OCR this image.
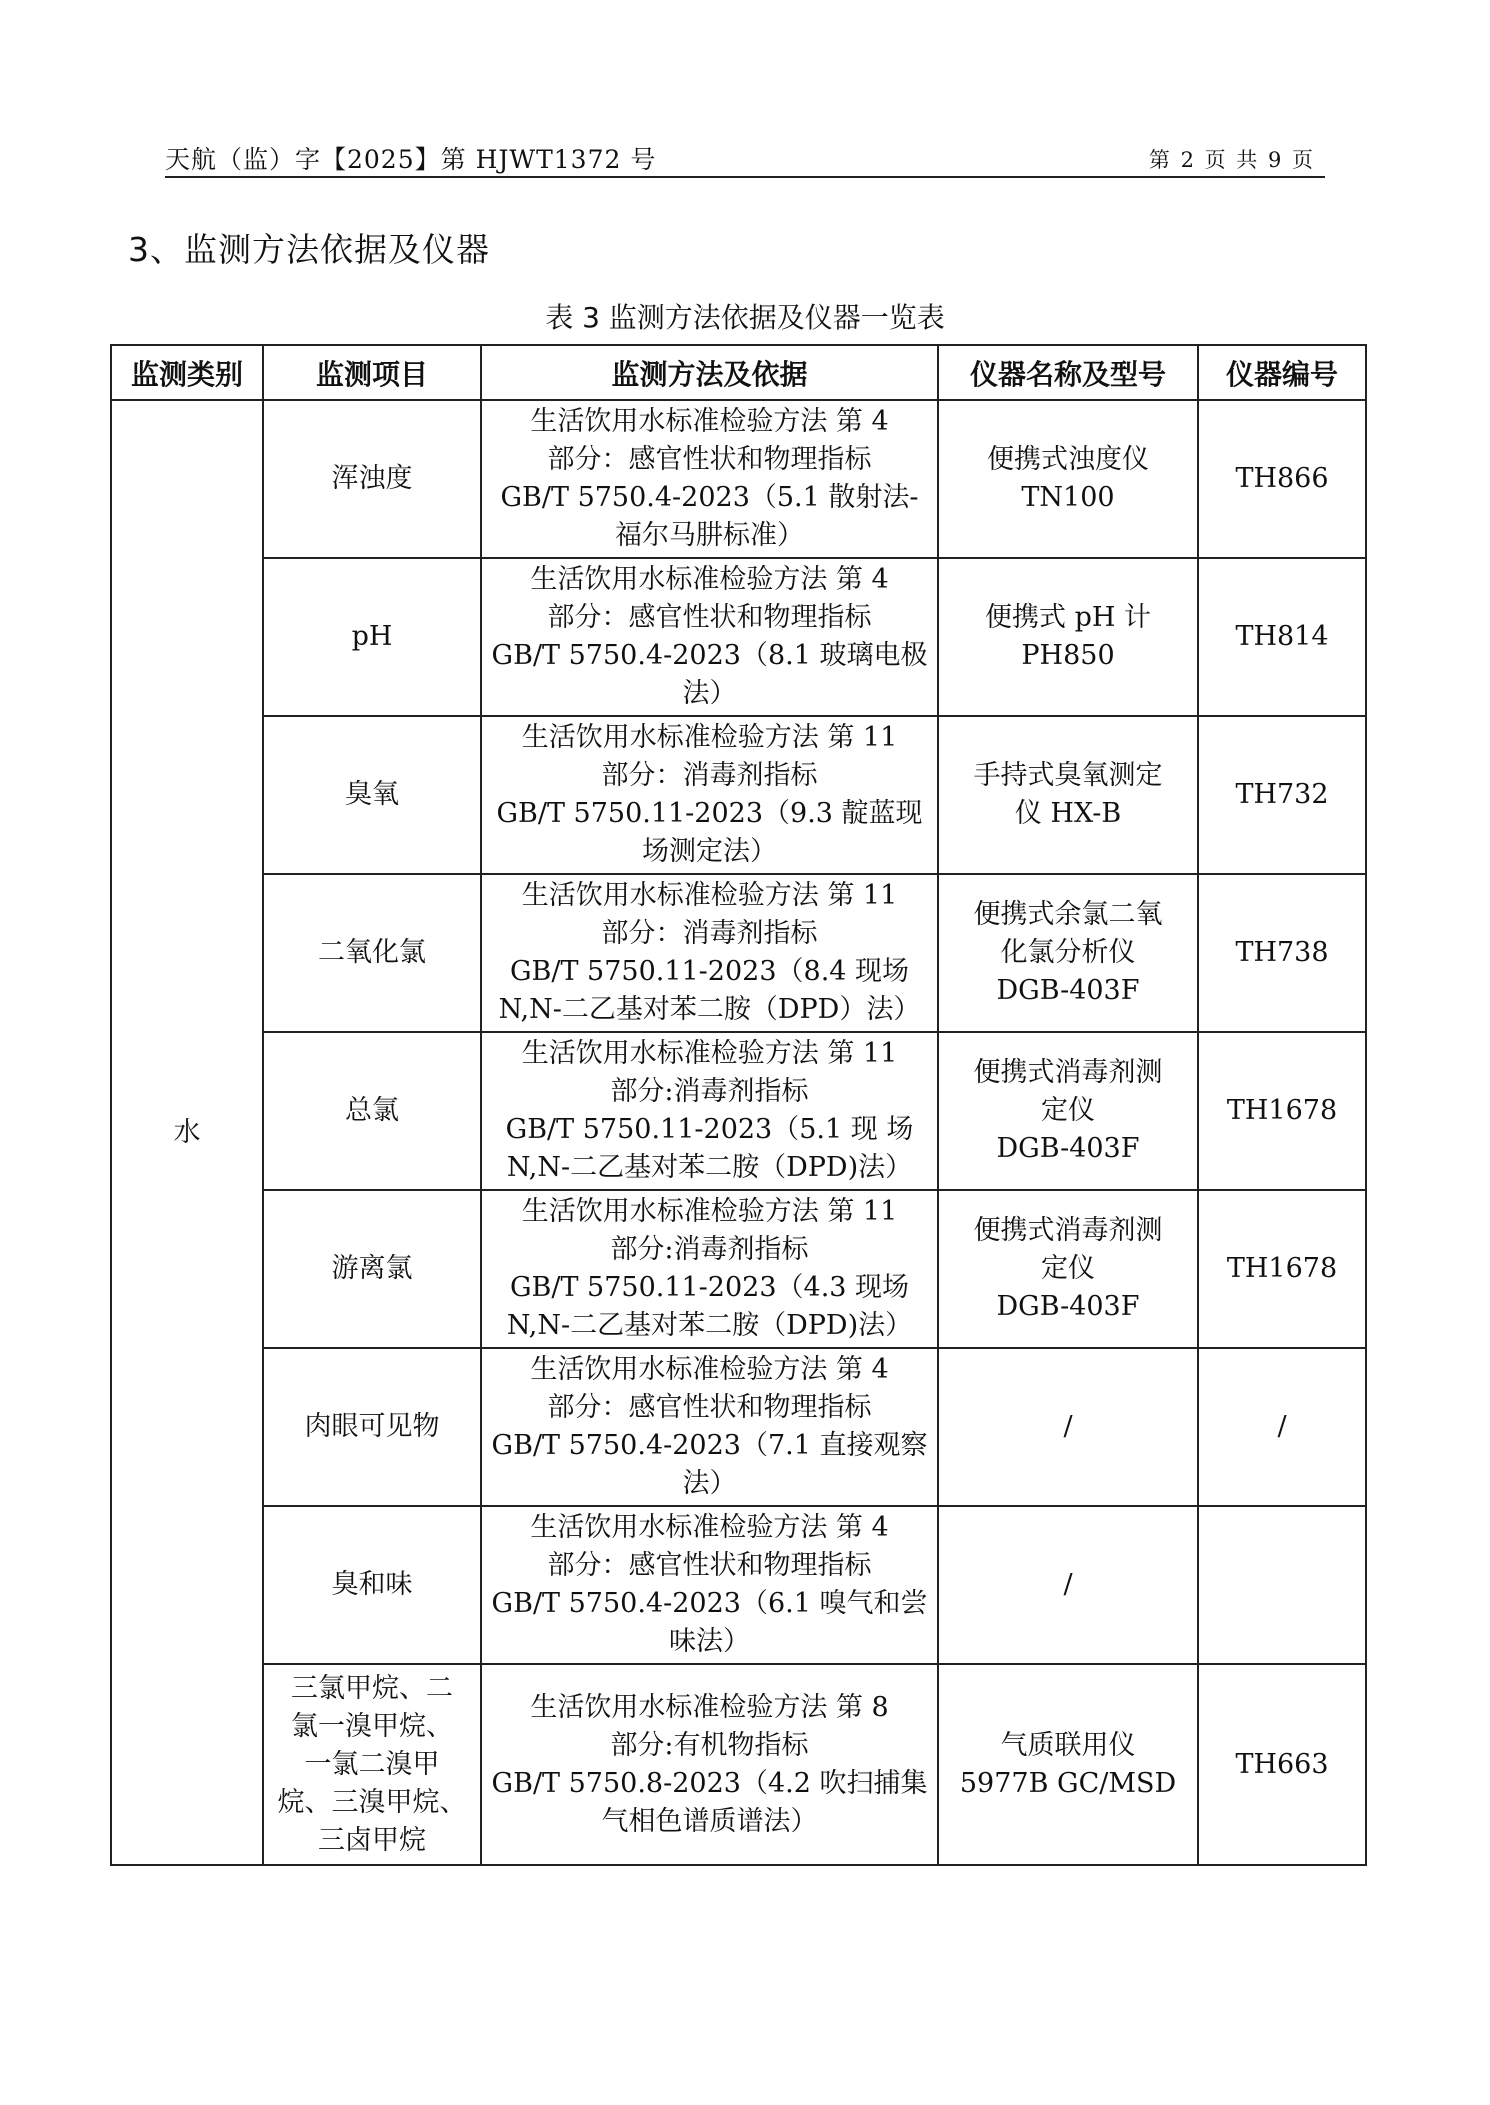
天航（监）字【2025】第 HJWT1372 号	第 2 页 共 9 页
3、监测方法依据及仪器
表 3 监测方法依据及仪器一览表
监测类别	监测项目	监测方法及依据	仪器名称及型号	仪器编号
水	浑浊度	生活饮用水标准检验方法 第 4
部分：感官性状和物理指标
GB/T 5750.4-2023（5.1 散射法-
福尔马肼标准）	便携式浊度仪
TN100	TH866
	pH	生活饮用水标准检验方法 第 4
部分：感官性状和物理指标
GB/T 5750.4-2023（8.1 玻璃电极
法）	便携式 pH 计
PH850	TH814
	臭氧	生活饮用水标准检验方法 第 11
部分：消毒剂指标
GB/T 5750.11-2023（9.3 靛蓝现
场测定法）	手持式臭氧测定
仪 HX-B	TH732
	二氧化氯	生活饮用水标准检验方法 第 11
部分：消毒剂指标
GB/T 5750.11-2023（8.4 现场
N,N-二乙基对苯二胺（DPD）法）	便携式余氯二氧
化氯分析仪
DGB-403F	TH738
	总氯	生活饮用水标准检验方法 第 11
部分:消毒剂指标
GB/T 5750.11-2023（5.1 现 场
N,N-二乙基对苯二胺（DPD)法）	便携式消毒剂测
定仪
DGB-403F	TH1678
	游离氯	生活饮用水标准检验方法 第 11
部分:消毒剂指标
GB/T 5750.11-2023（4.3 现场
N,N-二乙基对苯二胺（DPD)法）	便携式消毒剂测
定仪
DGB-403F	TH1678
	肉眼可见物	生活饮用水标准检验方法 第 4
部分：感官性状和物理指标
GB/T 5750.4-2023（7.1 直接观察
法）	/	/
	臭和味	生活饮用水标准检验方法 第 4
部分：感官性状和物理指标
GB/T 5750.4-2023（6.1 嗅气和尝
味法）	/	

	三氯甲烷、二
氯一溴甲烷、
一氯二溴甲
烷、三溴甲烷、
三卤甲烷	生活饮用水标准检验方法 第 8
部分:有机物指标
GB/T 5750.8-2023（4.2 吹扫捕集
气相色谱质谱法）	气质联用仪
5977B GC/MSD	TH663
